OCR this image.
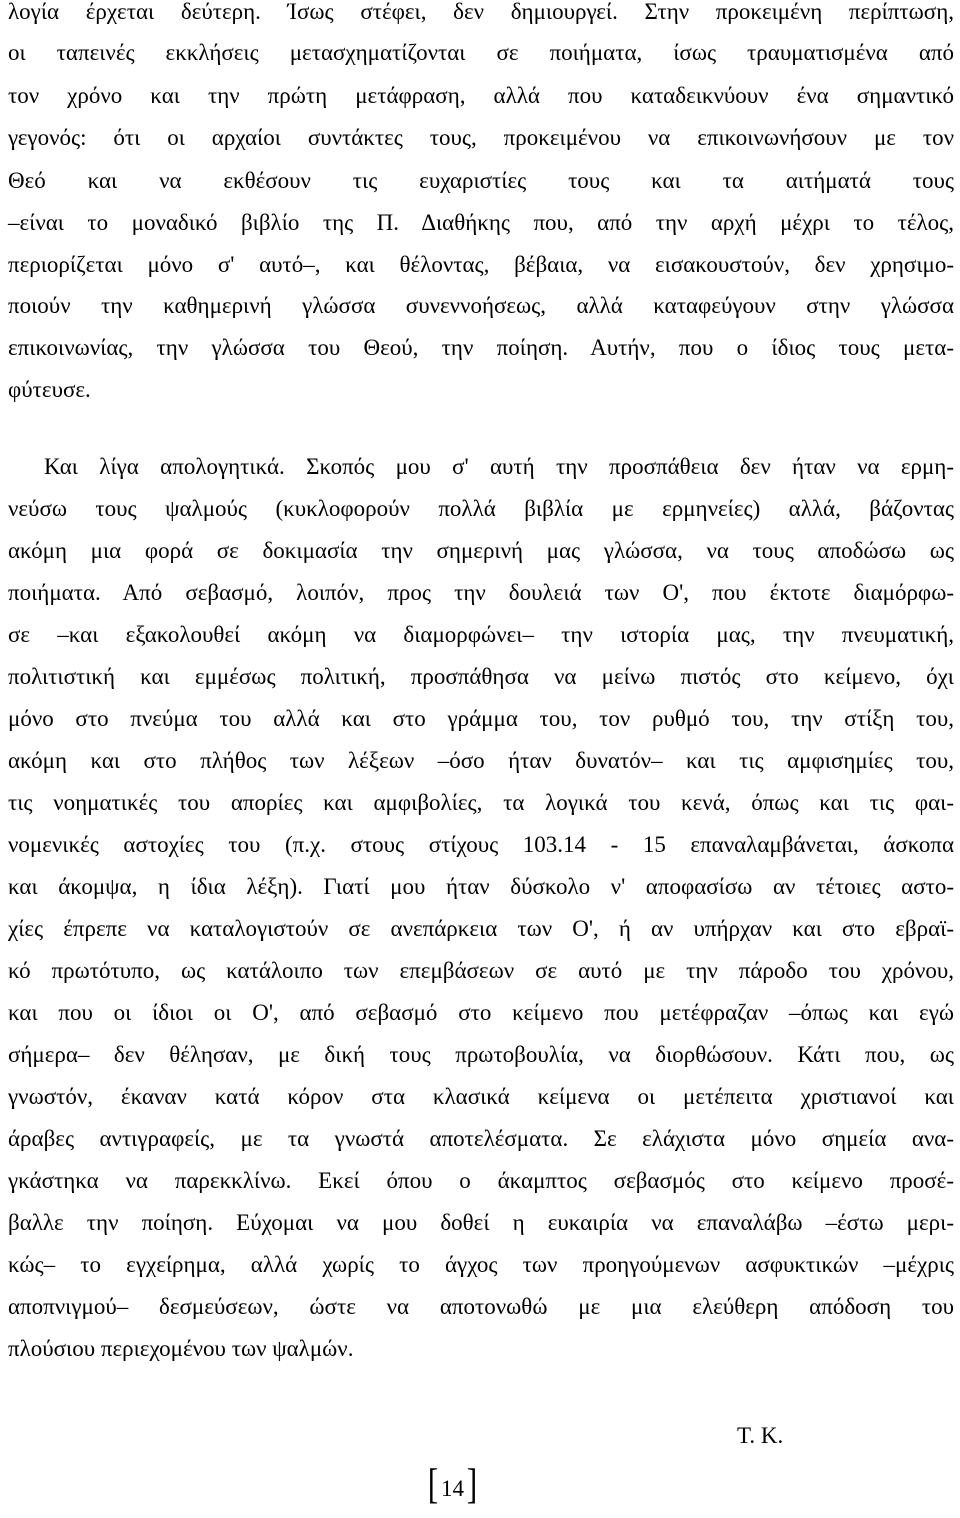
λογία έρχεται δεύτερη. Ίσως στέφει, δεν δημιουργεί. Στην προκειμένη περίπτωση,
οι ταπεινές εκκλήσεις μετασχηματίζονται σε ποιήματα, ίσως τραυματισμένα από
τον χρόνο και την πρώτη μετάφραση, αλλά που καταδεικνύουν ένα σημαντικό
γεγονός: ότι οι αρχαίοι συντάκτες τους, προκειμένου να επικοινωνήσουν με τον
Θεό και να εκθέσουν τις ευχαριστίες τους και τα αιτήματά τους
–είναι το μοναδικό βιβλίο της Π. Διαθήκης που, από την αρχή μέχρι το τέλος,
περιορίζεται μόνο σ' αυτό–, και θέλοντας, βέβαια, να εισακουστούν, δεν χρησιμο-
ποιούν την καθημερινή γλώσσα συνεννοήσεως, αλλά καταφεύγουν στην γλώσσα
επικοινωνίας, την γλώσσα του Θεού, την ποίηση. Αυτήν, που ο ίδιος τους μετα-
φύτευσε.
Και λίγα απολογητικά. Σκοπός μου σ' αυτή την προσπάθεια δεν ήταν να ερμη-
νεύσω τους ψαλμούς (κυκλοφορούν πολλά βιβλία με ερμηνείες) αλλά, βάζοντας
ακόμη μια φορά σε δοκιμασία την σημερινή μας γλώσσα, να τους αποδώσω ως
ποιήματα. Από σεβασμό, λοιπόν, προς την δουλειά των Ο', που έκτοτε διαμόρφω-
σε –και εξακολουθεί ακόμη να διαμορφώνει– την ιστορία μας, την πνευματική,
πολιτιστική και εμμέσως πολιτική, προσπάθησα να μείνω πιστός στο κείμενο, όχι
μόνο στο πνεύμα του αλλά και στο γράμμα του, τον ρυθμό του, την στίξη του,
ακόμη και στο πλήθος των λέξεων –όσο ήταν δυνατόν– και τις αμφισημίες του,
τις νοηματικές του απορίες και αμφιβολίες, τα λογικά του κενά, όπως και τις φαι-
νομενικές αστοχίες του (π.χ. στους στίχους 103.14 - 15 επαναλαμβάνεται, άσκοπα
και άκομψα, η ίδια λέξη). Γιατί μου ήταν δύσκολο ν' αποφασίσω αν τέτοιες αστο-
χίες έπρεπε να καταλογιστούν σε ανεπάρκεια των Ο', ή αν υπήρχαν και στο εβραϊ-
κό πρωτότυπο, ως κατάλοιπο των επεμβάσεων σε αυτό με την πάροδο του χρόνου,
και που οι ίδιοι οι Ο', από σεβασμό στο κείμενο που μετέφραζαν –όπως και εγώ
σήμερα– δεν θέλησαν, με δική τους πρωτοβουλία, να διορθώσουν. Κάτι που, ως
γνωστόν, έκαναν κατά κόρον στα κλασικά κείμενα οι μετέπειτα χριστιανοί και
άραβες αντιγραφείς, με τα γνωστά αποτελέσματα. Σε ελάχιστα μόνο σημεία ανα-
γκάστηκα να παρεκκλίνω. Εκεί όπου ο άκαμπτος σεβασμός στο κείμενο προσέ-
βαλλε την ποίηση. Εύχομαι να μου δοθεί η ευκαιρία να επαναλάβω –έστω μερι-
κώς– το εγχείρημα, αλλά χωρίς το άγχος των προηγούμενων ασφυκτικών –μέχρις
αποπνιγμού– δεσμεύσεων, ώστε να αποτονωθώ με μια ελεύθερη απόδοση του
πλούσιου περιεχομένου των ψαλμών.
Τ. Κ.
[ 14 ]
